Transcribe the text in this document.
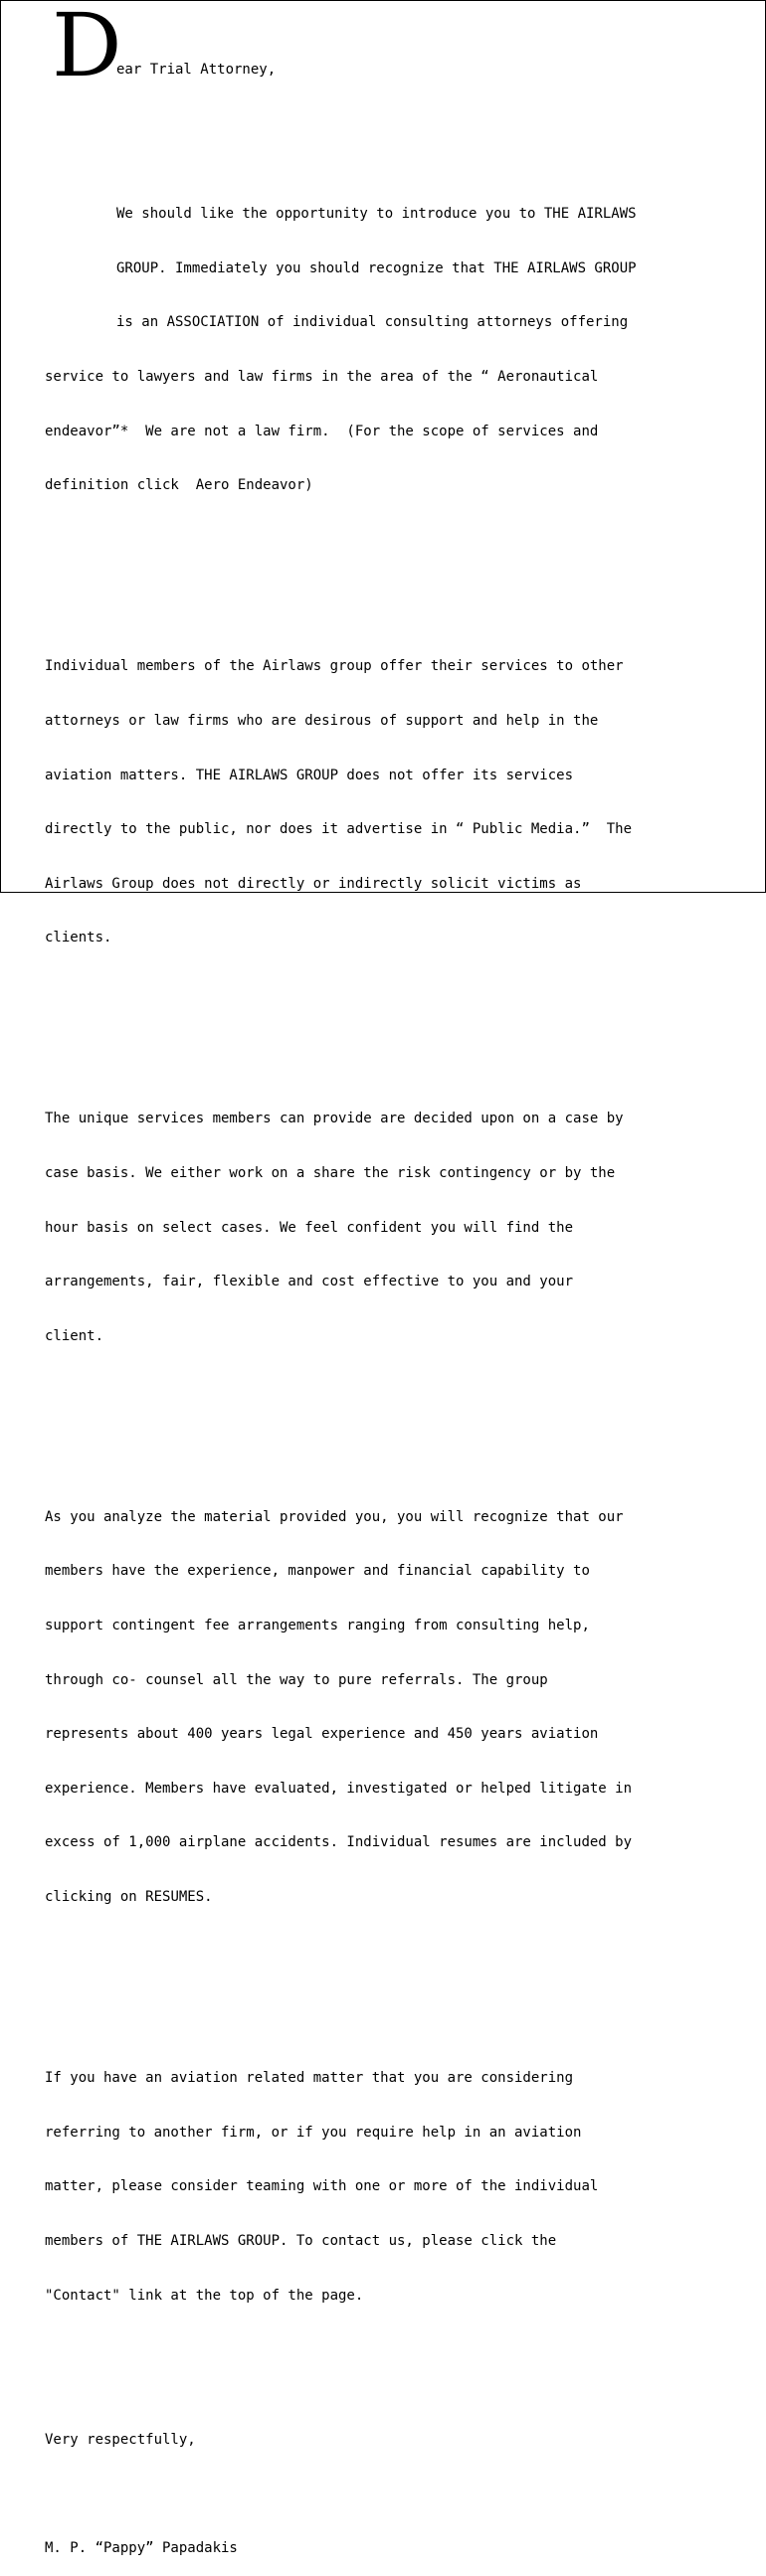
D

ear Trial Attorney,

We should like the opportunity to introduce you to THE AIRLAWS

GROUP. Immediately you should recognize that THE AIRLAWS GROUP

is an ASSOCIATION of individual consulting attorneys offering

service to lawyers and law firms in the area of the “ Aeronautical

endeavor”*  We are not a law firm.  (For the scope of services and

definition click  Aero Endeavor)

Individual members of the Airlaws group offer their services to other

attorneys or law firms who are desirous of support and help in the

aviation matters. THE AIRLAWS GROUP does not offer its services

directly to the public, nor does it advertise in “ Public Media.”  The

Airlaws Group does not directly or indirectly solicit victims as

clients.

The unique services members can provide are decided upon on a case by

case basis. We either work on a share the risk contingency or by the

hour basis on select cases. We feel confident you will find the

arrangements, fair, flexible and cost effective to you and your

client.

As you analyze the material provided you, you will recognize that our

members have the experience, manpower and financial capability to

support contingent fee arrangements ranging from consulting help,

through co- counsel all the way to pure referrals. The group

represents about 400 years legal experience and 450 years aviation

experience. Members have evaluated, investigated or helped litigate in

excess of 1,000 airplane accidents. Individual resumes are included by

clicking on RESUMES.

If you have an aviation related matter that you are considering

referring to another firm, or if you require help in an aviation

matter, please consider teaming with one or more of the individual

members of THE AIRLAWS GROUP. To contact us, please click the

"Contact" link at the top of the page.

Very respectfully,

M. P. “Pappy” Papadakis
